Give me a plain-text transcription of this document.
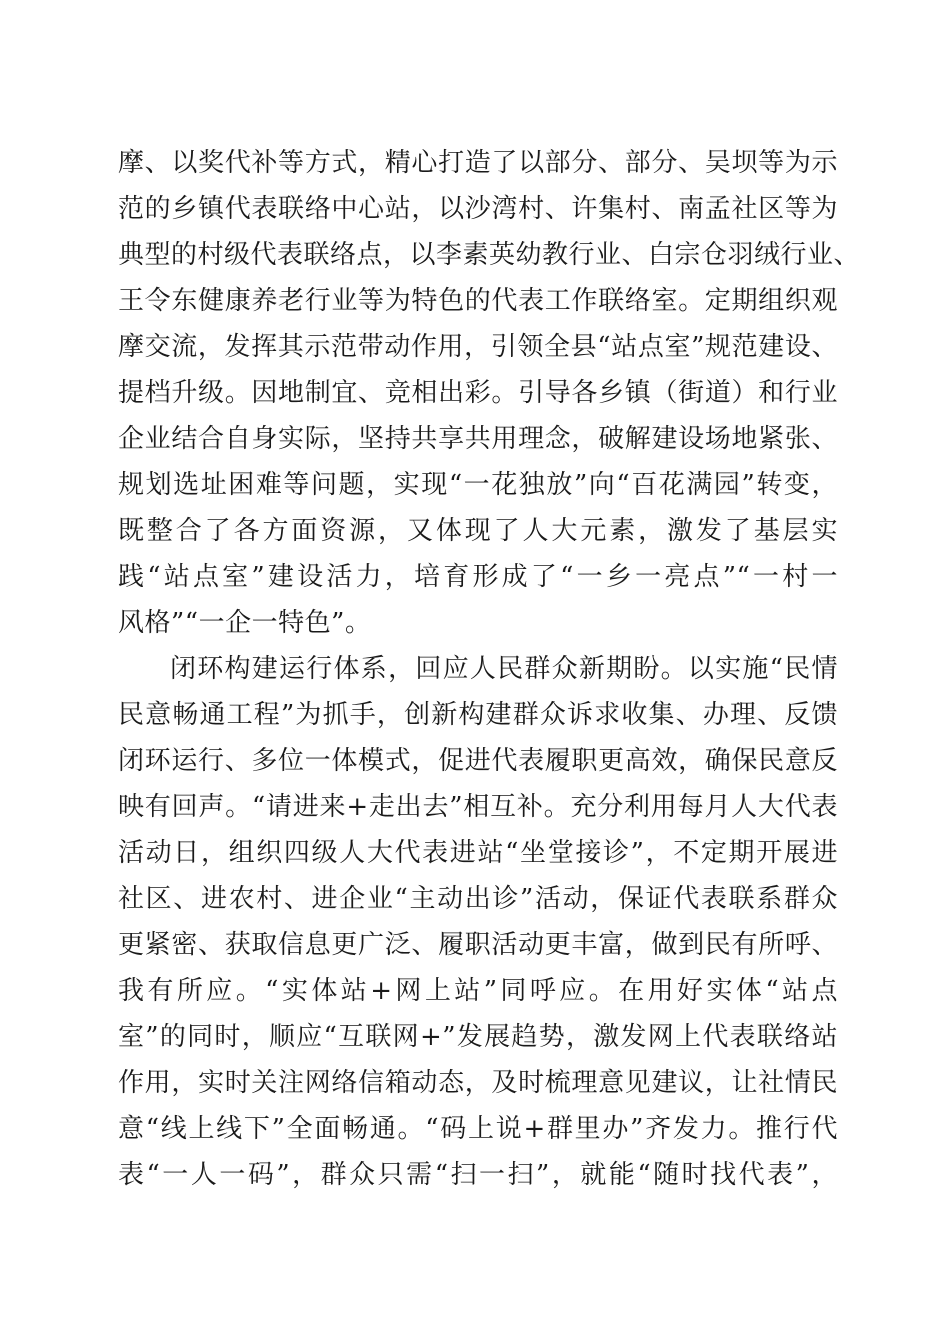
摩、以奖代补等方式，精心打造了以部分、部分、吴坝等为示
范的乡镇代表联络中心站，以沙湾村、许集村、南孟社区等为
典型的村级代表联络点，以李素英幼教行业、白宗仓羽绒行业、
王令东健康养老行业等为特色的代表工作联络室。定期组织观
摩交流，发挥其示范带动作用，引领全县“站点室”规范建设、
提档升级。因地制宜、竞相出彩。引导各乡镇（街道）和行业
企业结合自身实际，坚持共享共用理念，破解建设场地紧张、
规划选址困难等问题，实现“一花独放”向“百花满园”转变，
既整合了各方面资源，又体现了人大元素，激发了基层实
践“站点室”建设活力，培育形成了“一乡一亮点”“一村一
风格”“一企一特色”。
闭环构建运行体系，回应人民群众新期盼。以实施“民情
民意畅通工程”为抓手，创新构建群众诉求收集、办理、反馈
闭环运行、多位一体模式，促进代表履职更高效，确保民意反
映有回声。“请进来+走出去”相互补。充分利用每月人大代表
活动日，组织四级人大代表进站“坐堂接诊”，不定期开展进
社区、进农村、进企业“主动出诊”活动，保证代表联系群众
更紧密、获取信息更广泛、履职活动更丰富，做到民有所呼、
我有所应。“实体站+网上站”同呼应。在用好实体“站点
室”的同时，顺应“互联网+”发展趋势，激发网上代表联络站
作用，实时关注网络信箱动态，及时梳理意见建议，让社情民
意“线上线下”全面畅通。“码上说+群里办”齐发力。推行代
表“一人一码”，群众只需“扫一扫”，就能“随时找代表”，
